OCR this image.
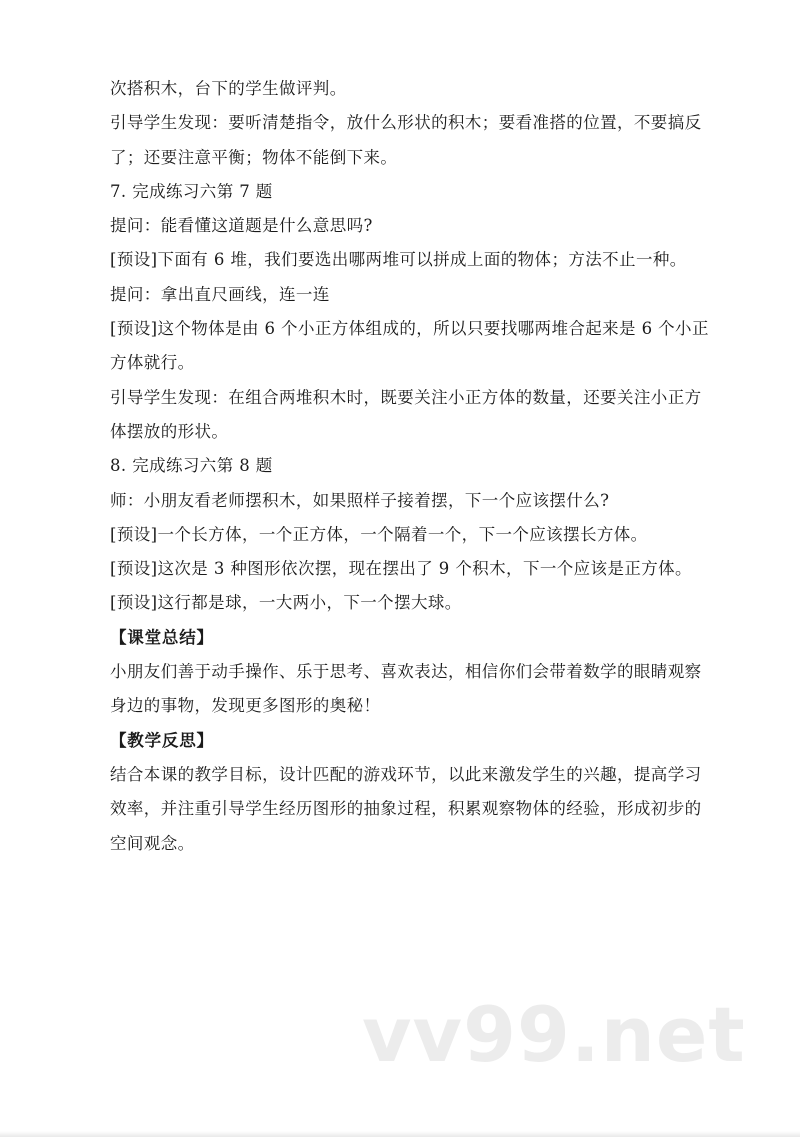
次搭积木，台下的学生做评判。
引导学生发现：要听清楚指令，放什么形状的积木；要看准搭的位置，不要搞反
了；还要注意平衡；物体不能倒下来。
7. 完成练习六第 7 题
提问：能看懂这道题是什么意思吗?
[预设]下面有 6 堆，我们要选出哪两堆可以拼成上面的物体；方法不止一种。
提问：拿出直尺画线，连一连
[预设]这个物体是由 6 个小正方体组成的，所以只要找哪两堆合起来是 6 个小正
方体就行。
引导学生发现：在组合两堆积木时，既要关注小正方体的数量，还要关注小正方
体摆放的形状。
8. 完成练习六第 8 题
师：小朋友看老师摆积木，如果照样子接着摆，下一个应该摆什么?
[预设]一个长方体，一个正方体，一个隔着一个，下一个应该摆长方体。
[预设]这次是 3 种图形依次摆，现在摆出了 9 个积木，下一个应该是正方体。
[预设]这行都是球，一大两小，下一个摆大球。
【课堂总结】
小朋友们善于动手操作、乐于思考、喜欢表达，相信你们会带着数学的眼睛观察
身边的事物，发现更多图形的奥秘！
【教学反思】
结合本课的教学目标，设计匹配的游戏环节，以此来激发学生的兴趣，提高学习
效率，并注重引导学生经历图形的抽象过程，积累观察物体的经验，形成初步的
空间观念。
vv99.net
